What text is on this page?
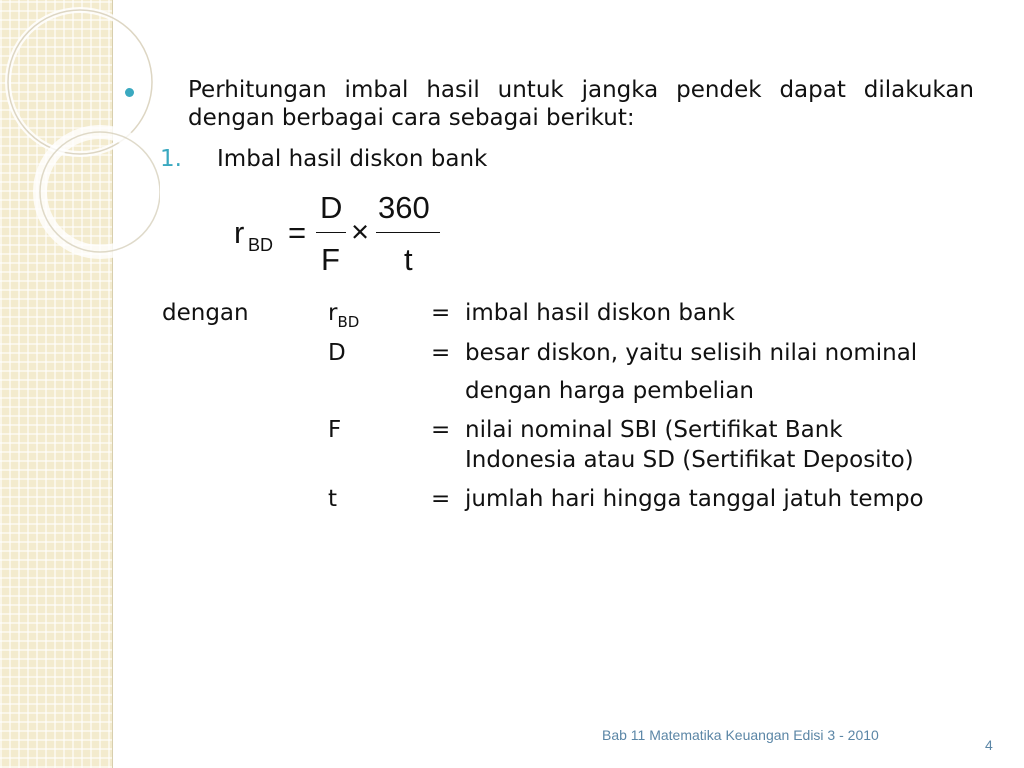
Perhitungan imbal hasil untuk jangka pendek dapat dilakukan
dengan berbagai cara sebagai berikut:
1. Imbal hasil diskon bank
r BD =
D
F
×
360
t
dengan	$r_{BD}$	= imbal hasil diskon bank
D	= besar diskon, yaitu selisih nilai nominal
dengan harga pembelian
F	= nilai nominal SBI (Sertifikat Bank
Indonesia atau SD (Sertifikat Deposito)
t	= jumlah hari hingga tanggal jatuh tempo
Bab 11 Matematika Keuangan Edisi 3 - 2010
4
